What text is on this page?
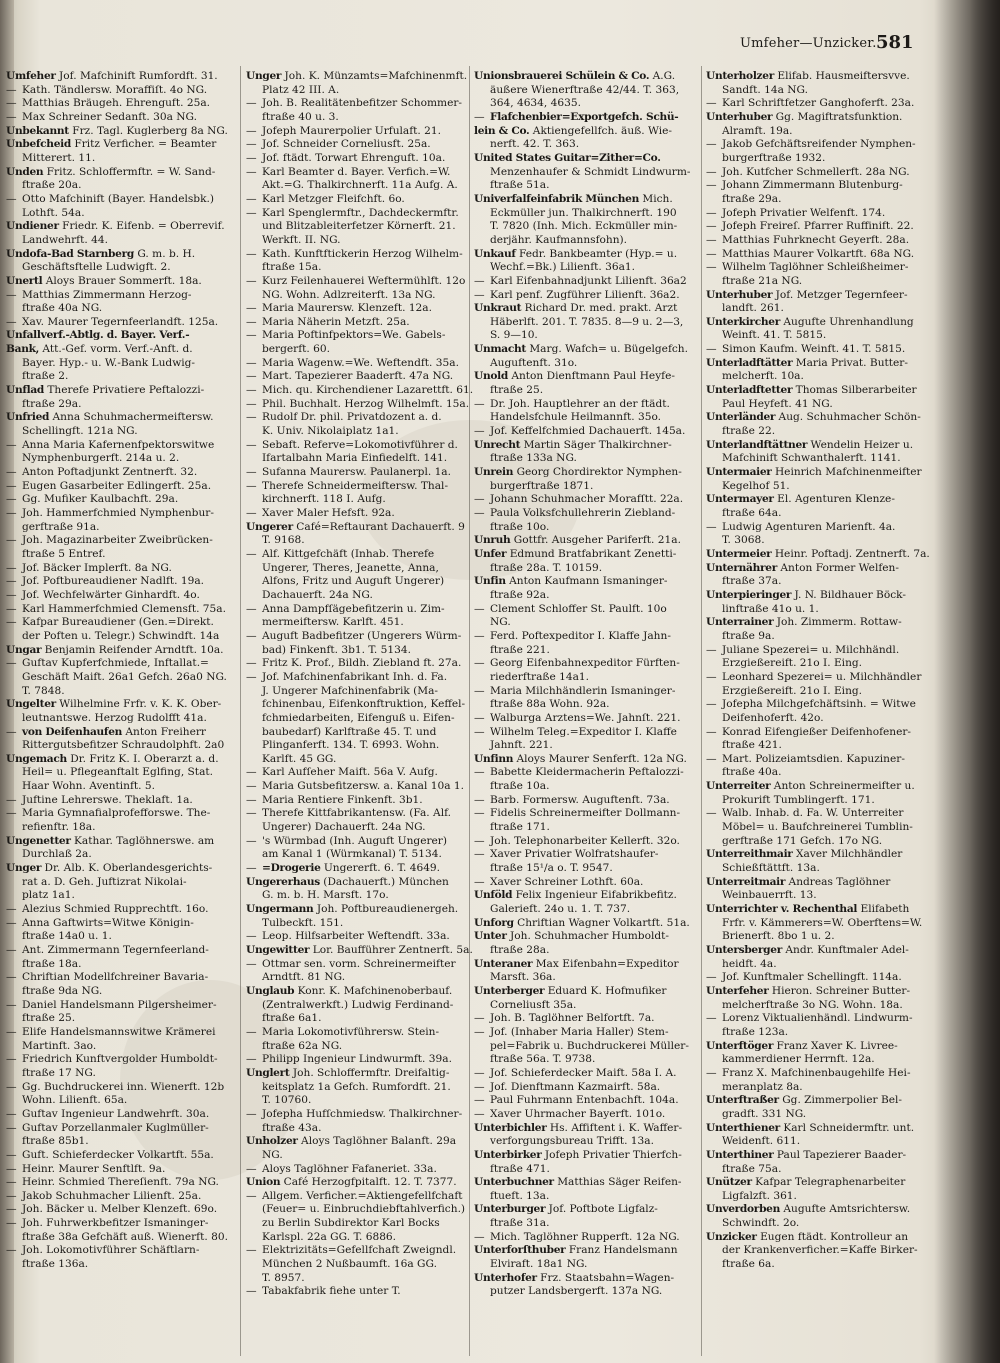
Umfeher—Unzicker. 581
Umfeher Jof. Mafchinift Rumfordft. 31.
— Kath. Tändlersw. Moraffiſt. 4o NG.
— Matthias Bräugeh. Ehrenguft. 25a.
— Max Schreiner Sedanft. 30a NG.
Unbekannt Frz. Tagl. Kuglerberg 8a NG.
Unbefcheid Fritz Verficher. = Beamter
Mitterert. 11.
Unden Fritz. Schloffermftr. = W. Sand-
ftraße 20a.
— Otto Mafchinift (Bayer. Handelsbk.)
Lothft. 54a.
Undiener Friedr. K. Eifenb. = Oberrevif.
Landwehrft. 44.
Undofa-Bad Starnberg G. m. b. H.
Geschäftsftelle Ludwigft. 2.
Unertl Aloys Brauer Sommerft. 18a.
— Matthias Zimmermann Herzog-
ftraße 40a NG.
— Xav. Maurer Tegernfeerlandft. 125a.
Unfallverf.-Abtlg. d. Bayer. Verf.-
Bank, Att.-Gef. vorm. Verf.-Anft. d.
Bayer. Hyp.- u. W.-Bank Ludwig-
ftraße 2.
Unflad Therefe Privatiere Peftalozzi-
ftraße 29a.
Unfried Anna Schuhmachermeiftersw.
Schellingft. 121a NG.
— Anna Maria Kafernenfpektorswitwe
Nymphenburgerft. 214a u. 2.
— Anton Poftadjunkt Zentnerft. 32.
— Eugen Gasarbeiter Edlingerft. 25a.
— Gg. Mufiker Kaulbachft. 29a.
— Joh. Hammerfchmied Nymphenbur-
gerftraße 91a.
— Joh. Magazinarbeiter Zweibrücken-
ftraße 5 Entref.
— Jof. Bäcker Implerft. 8a NG.
— Jof. Poftbureaudiener Nadlft. 19a.
— Jof. Wechfelwärter Ginhardft. 4o.
— Karl Hammerfchmied Clemensft. 75a.
— Kafpar Bureaudiener (Gen.=Direkt.
der Poften u. Telegr.) Schwindft. 14a
Ungar Benjamin Reifender Arndtft. 10a.
— Guftav Kupferfchmiede, Inftallat.=
Geschäft Maift. 26a1 Gefch. 26a0 NG.
T. 7848.
Ungelter Wilhelmine Frfr. v. K. K. Ober-
leutnantswe. Herzog Rudolfft 41a.
— von Deifenhaufen Anton Freiherr
Rittergutsbefitzer Schraudolphft. 2a0
Ungemach Dr. Fritz K. I. Oberarzt a. d.
Heil= u. Pflegeanftalt Eglfing, Stat.
Haar Wohn. Aventinft. 5.
— Juftine Lehrerswe. Theklaft. 1a.
— Maria Gymnafialprofefforswe. The-
refienftr. 18a.
Ungenetter Kathar. Taglöhnerswe. am
Durchlaß 2a.
Unger Dr. Alb. K. Oberlandesgerichts-
rat a. D. Geh. Juftizrat Nikolai-
platz 1a1.
— Alezius Schmied Rupprechtft. 16o.
— Anna Gaftwirts=Witwe Königin-
ftraße 14a0 u. 1.
— Ant. Zimmermann Tegernfeerland-
ftraße 18a.
— Chriftian Modellfchreiner Bavaria-
ftraße 9da NG.
— Daniel Handelsmann Pilgersheimer-
ftraße 25.
— Elife Handelsmannswitwe Krämerei
Martinft. 3ao.
— Friedrich Kunftvergolder Humboldt-
ftraße 17 NG.
— Gg. Buchdruckerei inn. Wienerft. 12b
Wohn. Lilienft. 65a.
— Guftav Ingenieur Landwehrft. 30a.
— Guftav Porzellanmaler Kuglmüller-
ftraße 85b1.
— Guft. Schieferdecker Volkartft. 55a.
— Heinr. Maurer Senftlft. 9a.
— Heinr. Schmied Thereſienft. 79a NG.
— Jakob Schuhmacher Lilienft. 25a.
— Joh. Bäcker u. Melber Klenzeft. 69o.
— Joh. Fuhrwerkbefitzer Ismaninger-
ftraße 38a Gefchäft auß. Wienerft. 80.
— Joh. Lokomotivführer Schäftlarn-
ftraße 136a.
Unger Joh. K. Münzamts=Mafchinenmft.
Platz 42 III. A.
— Joh. B. Realitätenbefitzer Schommer-
ftraße 40 u. 3.
— Jofeph Maurerpolier Urfulaft. 21.
— Jof. Schneider Corneliusft. 25a.
— Jof. ftädt. Torwart Ehrenguft. 10a.
— Karl Beamter d. Bayer. Verfich.=W.
Akt.=G. Thalkirchnerft. 11a Aufg. A.
— Karl Metzger Fleifchft. 6o.
— Karl Spenglermftr., Dachdeckermftr.
und Blitzableiterfetzer Körnerft. 21.
Werkft. II. NG.
— Kath. Kunftftickerin Herzog Wilhelm-
ftraße 15a.
— Kurz Feilenhauerei Weftermühlft. 12o
NG. Wohn. Adlzreiterft. 13a NG.
— Maria Maurersw. Klenzeft. 12a.
— Maria Näherin Metzft. 25a.
— Maria Poftinfpektors=We. Gabels-
bergerft. 60.
— Maria Wagenw.=We. Weftendft. 35a.
— Mart. Tapezierer Baaderft. 47a NG.
— Mich. qu. Kirchendiener Lazarettft. 61.
— Phil. Buchhalt. Herzog Wilhelmft. 15a.
— Rudolf Dr. phil. Privatdozent a. d.
K. Univ. Nikolaiplatz 1a1.
— Sebaft. Referve=Lokomotivführer d.
Ifartalbahn Maria Einfiedelft. 141.
— Sufanna Maurersw. Paulanerpl. 1a.
— Therefe Schneidermeiftersw. Thal-
kirchnerft. 118 I. Aufg.
— Xaver Maler Hefsft. 92a.
Ungerer Café=Reftaurant Dachauerft. 9
T. 9168.
— Alf. Kittgefchäft (Inhab. Therefe
Ungerer, Theres, Jeanette, Anna,
Alfons, Fritz und Auguft Ungerer)
Dachauerft. 24a NG.
— Anna Dampfſägebefitzerin u. Zim-
mermeiftersw. Karlft. 451.
— Auguft Badbefitzer (Ungerers Würm-
bad) Finkenft. 3b1. T. 5134.
— Fritz K. Prof., Bildh. Ziebland ft. 27a.
— Jof. Mafchinenfabrikant Inh. d. Fa.
J. Ungerer Mafchinenfabrik (Ma-
fchinenbau, Eifenkonftruktion, Keffel-
fchmiedarbeiten, Eifenguß u. Eifen-
baubedarf) Karlftraße 45. T. und
Plinganferft. 134. T. 6993. Wohn.
Karlft. 45 GG.
— Karl Aufſeher Maift. 56a V. Aufg.
— Maria Gutsbefitzersw. a. Kanal 10a 1.
— Maria Rentiere Finkenft. 3b1.
— Therefe Kittfabrikantensw. (Fa. Alf.
Ungerer) Dachauerft. 24a NG.
— 's Würmbad (Inh. Auguft Ungerer)
am Kanal 1 (Würmkanal) T. 5134.
— =Drogerie Ungererft. 6. T. 4649.
Ungererhaus (Dachauerft.) München
G. m. b. H. Marsft. 17o.
Ungermann Joh. Poftbureaudienergeh.
Tulbeckft. 151.
— Leop. Hilfsarbeiter Weftendft. 33a.
Ungewitter Lor. Baufführer Zentnerft. 5a.
— Ottmar sen. vorm. Schreinermeifter
Arndtft. 81 NG.
Unglaub Konr. K. Mafchinenoberbauf.
(Zentralwerkft.) Ludwig Ferdinand-
ftraße 6a1.
— Maria Lokomotivführersw. Stein-
ftraße 62a NG.
— Philipp Ingenieur Lindwurmft. 39a.
Unglert Joh. Schloffermftr. Dreifaltig-
keitsplatz 1a Gefch. Rumfordft. 21.
T. 10760.
— Jofepha Hufſchmiedsw. Thalkirchner-
ftraße 43a.
Unholzer Aloys Taglöhner Balanft. 29a
NG.
— Aloys Taglöhner Fafaneriet. 33a.
Union Café Herzogfpitalft. 12. T. 7377.
— Allgem. Verficher.=Aktiengefellfchaft
(Feuer= u. Einbruchdiebftahlverfich.)
zu Berlin Subdirektor Karl Bocks
Karlspl. 22a GG. T. 6886.
— Elektrizitäts=Gefellfchaft Zweigndl.
München 2 Nußbaumft. 16a GG.
T. 8957.
— Tabakfabrik fiehe unter T.
Unionsbrauerei Schülein & Co. A.G.
äußere Wienerftraße 42/44. T. 363,
364, 4634, 4635.
— Flafchenbier=Exportgefch. Schü-
lein & Co. Aktiengefellfch. äuß. Wie-
nerft. 42. T. 363.
United States Guitar=Zither=Co.
Menzenhaufer & Schmidt Lindwurm-
ftraße 51a.
Univerfalfeinfabrik München Mich.
Eckmüller jun. Thalkirchnerft. 190
T. 7820 (Inh. Mich. Eckmüller min-
derjähr. Kaufmannsfohn).
Unkauf Fedr. Bankbeamter (Hyp.= u.
Wechf.=Bk.) Lilienft. 36a1.
— Karl Eifenbahnadjunkt Lilienft. 36a2
— Karl penf. Zugführer Lilienft. 36a2.
Unkraut Richard Dr. med. prakt. Arzt
Häberlft. 201. T. 7835. 8—9 u. 2—3,
S. 9—10.
Unmacht Marg. Wafch= u. Bügelgefch.
Auguftenft. 31o.
Unold Anton Dienftmann Paul Heyfe-
ftraße 25.
— Dr. Joh. Hauptlehrer an der ftädt.
Handelsfchule Heilmannft. 35o.
— Jof. Keffelfchmied Dachauerft. 145a.
Unrecht Martin Säger Thalkirchner-
ftraße 133a NG.
Unrein Georg Chordirektor Nymphen-
burgerftraße 1871.
— Johann Schuhmacher Morafſtt. 22a.
— Paula Volksfchullehrerin Ziebland-
ftraße 10o.
Unruh Gottfr. Ausgeher Pariferft. 21a.
Unfer Edmund Bratfabrikant Zenetti-
ftraße 28a. T. 10159.
Unfin Anton Kaufmann Ismaninger-
ftraße 92a.
— Clement Schloffer St. Paulft. 10o
NG.
— Ferd. Poftexpeditor I. Klaffe Jahn-
ftraße 221.
— Georg Eifenbahnexpeditor Fürften-
riederftraße 14a1.
— Maria Milchhändlerin Ismaninger-
ftraße 88a Wohn. 92a.
— Walburga Arztens=We. Jahnſt. 221.
— Wilhelm Teleg.=Expeditor I. Klaffe
Jahnft. 221.
Unfinn Aloys Maurer Senferft. 12a NG.
— Babette Kleidermacherin Peftalozzi-
ftraße 10a.
— Barb. Formersw. Auguftenft. 73a.
— Fidelis Schreinermeifter Dollmann-
ftraße 171.
— Joh. Telephonarbeiter Kellerft. 32o.
— Xaver Privatier Wolfratshaufer-
ftraße 15¹/a o. T. 9547.
— Xaver Schreiner Lothft. 60a.
Unföld Felix Ingenieur Eifabrikbefitz.
Galerieft. 24o u. 1. T. 737.
Unforg Chriftian Wagner Volkartft. 51a.
Unter Joh. Schuhmacher Humboldt-
ftraße 28a.
Unteraner Max Eifenbahn=Expeditor
Marsft. 36a.
Unterberger Eduard K. Hofmufiker
Corneliusft 35a.
— Joh. B. Taglöhner Belfortft. 7a.
— Jof. (Inhaber Maria Haller) Stem-
pel=Fabrik u. Buchdruckerei Müller-
ftraße 56a. T. 9738.
— Jof. Schieferdecker Maift. 58a I. A.
— Jof. Dienftmann Kazmairft. 58a.
— Paul Fuhrmann Entenbachft. 104a.
— Xaver Uhrmacher Bayerft. 101o.
Unterbichler Hs. Affiftent i. K. Waffer-
verforgungsbureau Trifft. 13a.
Unterbirker Jofeph Privatier Thierfch-
ftraße 471.
Unterbuchner Matthias Säger Reifen-
ftueft. 13a.
Unterburger Jof. Poftbote Ligfalz-
ftraße 31a.
— Mich. Taglöhner Rupperft. 12a NG.
Unterforſthuber Franz Handelsmann
Elviraft. 18a1 NG.
Unterhofer Frz. Staatsbahn=Wagen-
putzer Landsbergerft. 137a NG.
Unterholzer Elifab. Hausmeiftersvve.
Sandft. 14a NG.
— Karl Schriftfetzer Ganghoferft. 23a.
Unterhuber Gg. Magiftratsfunktion.
Alramft. 19a.
— Jakob Gefchäftsreifender Nymphen-
burgerftraße 1932.
— Joh. Kutfcher Schmellerft. 28a NG.
— Johann Zimmermann Blutenburg-
ftraße 29a.
— Jofeph Privatier Welfenft. 174.
— Jofeph Freireſ. Pfarrer Ruffinift. 22.
— Matthias Fuhrknecht Geyerft. 28a.
— Matthias Maurer Volkartft. 68a NG.
— Wilhelm Taglöhner Schleißheimer-
ftraße 21a NG.
Unterhuber Jof. Metzger Tegernfeer-
landft. 261.
Unterkircher Augufte Uhrenhandlung
Weinft. 41. T. 5815.
— Simon Kaufm. Weinft. 41. T. 5815.
Unterladftätter Maria Privat. Butter-
melcherft. 10a.
Unterladftetter Thomas Silberarbeiter
Paul Heyfeft. 41 NG.
Unterländer Aug. Schuhmacher Schön-
ftraße 22.
Unterlandftättner Wendelin Heizer u.
Mafchinift Schwanthalerft. 1141.
Untermaier Heinrich Mafchinenmeifter
Kegelhof 51.
Untermayer El. Agenturen Klenze-
ftraße 64a.
— Ludwig Agenturen Marienft. 4a.
T. 3068.
Untermeier Heinr. Poftadj. Zentnerft. 7a.
Unternährer Anton Former Welfen-
ftraße 37a.
Unterpieringer J. N. Bildhauer Böck-
linftraße 41o u. 1.
Unterrainer Joh. Zimmerm. Rottaw-
ftraße 9a.
— Juliane Spezerei= u. Milchhändl.
Erzgießereift. 21o I. Eing.
— Leonhard Spezerei= u. Milchhändler
Erzgießereift. 21o I. Eing.
— Jofepha Milchgefchäftsinh. = Witwe
Deifenhoferft. 42o.
— Konrad Eifengießer Deifenhofener-
ftraße 421.
— Mart. Polizeiamtsdien. Kapuziner-
ftraße 40a.
Unterreiter Anton Schreinermeifter u.
Prokurift Tumblingerft. 171.
— Walb. Inhab. d. Fa. W. Unterreiter
Möbel= u. Baufchreinerei Tumblin-
gerftraße 171 Gefch. 17o NG.
Unterreithmair Xaver Milchhändler
Schießftättft. 13a.
Unterreitmair Andreas Taglöhner
Weinbauerrft. 13.
Unterrichter v. Rechenthal Elifabeth
Frfr. v. Kämmerers=W. Oberftens=W.
Brienerft. 8bo 1 u. 2.
Untersberger Andr. Kunftmaler Adel-
heidft. 4a.
— Jof. Kunftmaler Schellingft. 114a.
Unterfeher Hieron. Schreiner Butter-
melcherftraße 3o NG. Wohn. 18a.
— Lorenz Viktualienhändl. Lindwurm-
ftraße 123a.
Unterftöger Franz Xaver K. Livree-
kammerdiener Herrnft. 12a.
— Franz X. Mafchinenbaugehilfe Hei-
meranplatz 8a.
Unterftraßer Gg. Zimmerpolier Bel-
gradft. 331 NG.
Unterthiener Karl Schneidermftr. unt.
Weidenft. 611.
Unterthiner Paul Tapezierer Baader-
ftraße 75a.
Unützer Kafpar Telegraphenarbeiter
Ligfalzft. 361.
Unverdorben Augufte Amtsrichtersw.
Schwindft. 2o.
Unzicker Eugen ftädt. Kontrolleur an
der Krankenverficher.=Kaffe Birker-
ftraße 6a.
